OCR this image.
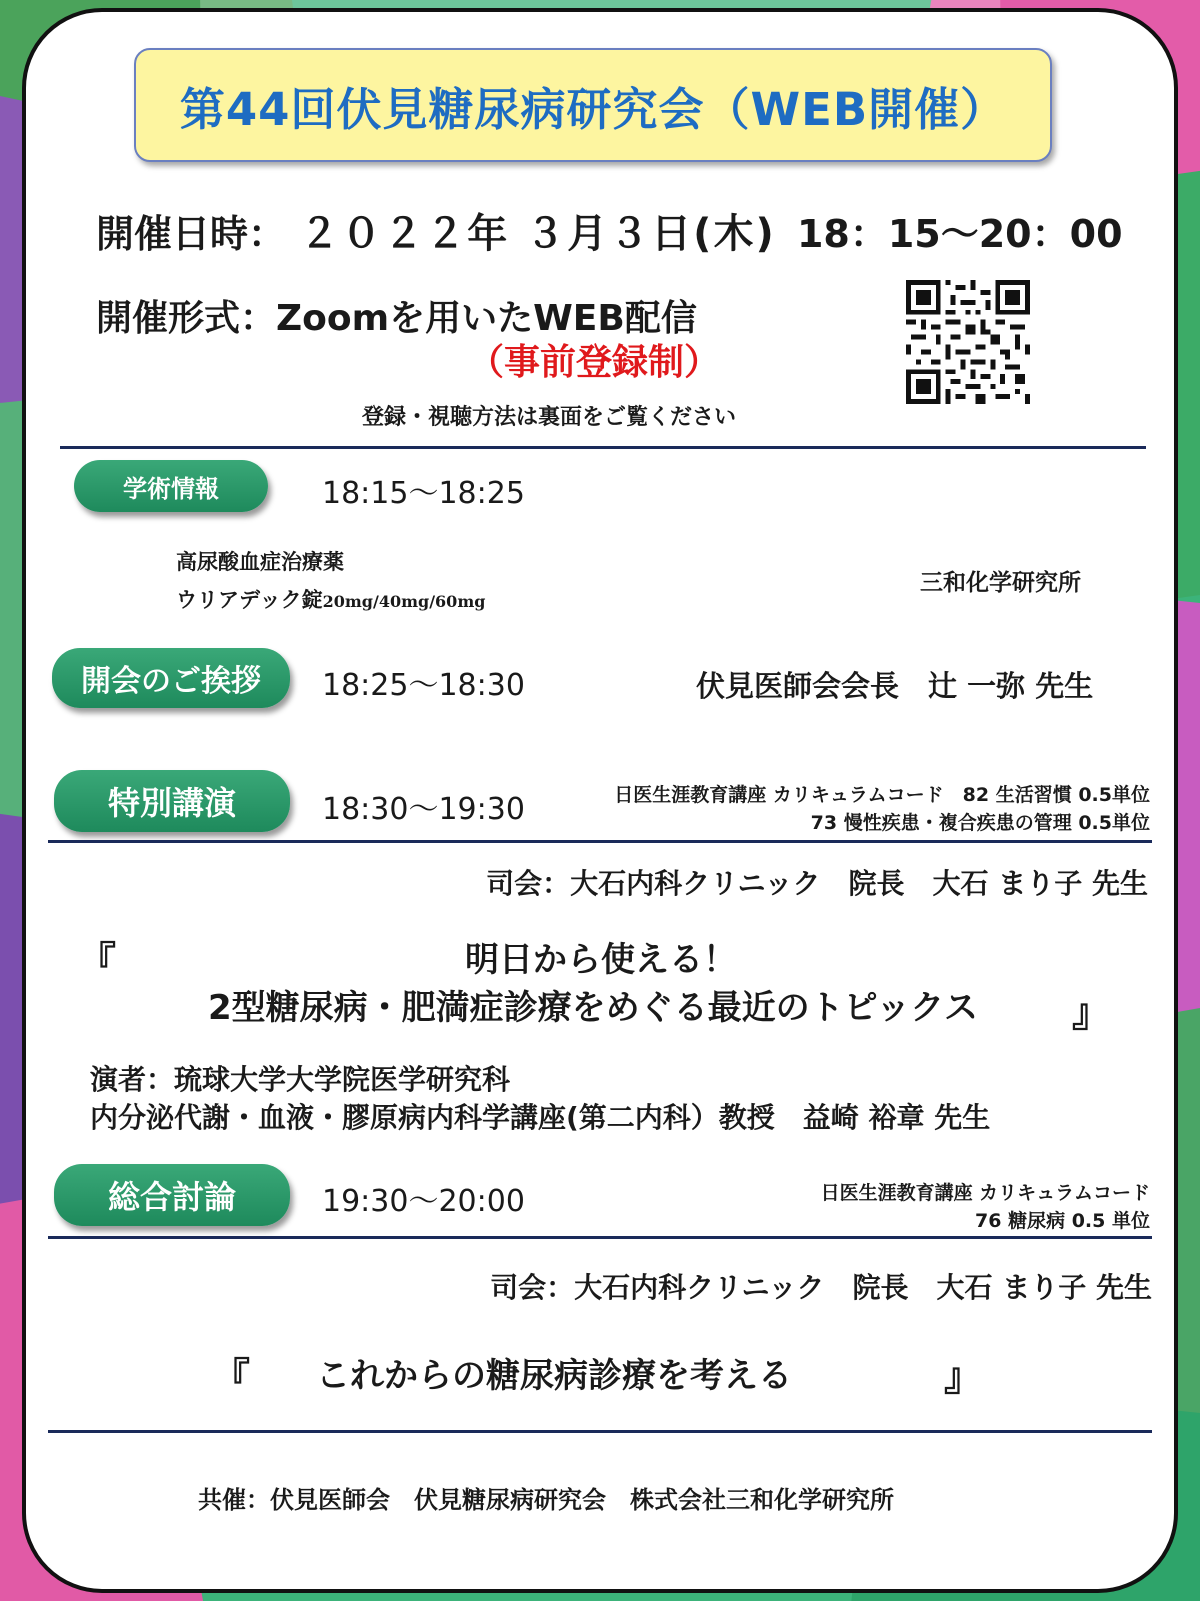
第44回伏見糖尿病研究会（WEB開催）
開催日時： ２０２２年 ３月３日(木) 18：15〜20：00
開催形式：Zoomを用いたWEB配信
（事前登録制）
登録・視聴方法は裏面をご覧ください
学術情報	18:15〜18:25
高尿酸血症治療薬
ウリアデック錠20mg/40mg/60mg
三和化学研究所
開会のご挨拶 18:25〜18:30	伏見医師会会長　辻 一弥 先生
特別講演	18:30〜19:30	日医生涯教育講座 カリキュラムコード　82 生活習慣 0.5単位
73 慢性疾患・複合疾患の管理 0.5単位
司会：大石内科クリニック　院長　大石 まり子 先生
『	明日から使える！
2型糖尿病・肥満症診療をめぐる最近のトピックス	』
演者：琉球大学大学院医学研究科
内分泌代謝・血液・膠原病内科学講座(第二内科）教授　益崎 裕章 先生
総合討論	19:30〜20:00	日医生涯教育講座 カリキュラムコード
76 糖尿病 0.5 単位
司会：大石内科クリニック　院長　大石 まり子 先生
『 これからの糖尿病診療を考える	』
共催：伏見医師会　伏見糖尿病研究会　株式会社三和化学研究所
